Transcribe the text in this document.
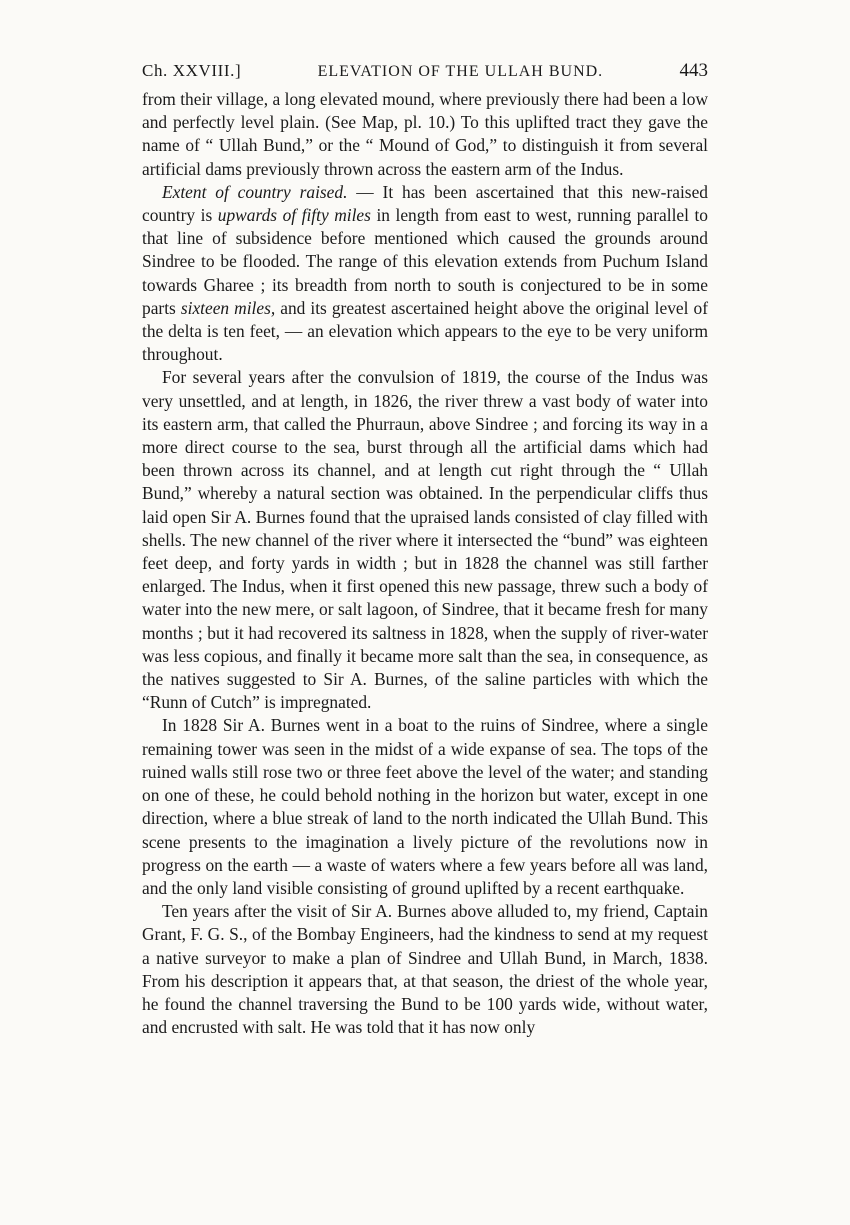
Ch. XXVIII.]	ELEVATION OF THE ULLAH BUND.	443

from their village, a long elevated mound, where previously there had been a low and perfectly level plain. (See Map, pl. 10.) To this uplifted tract they gave the name of “ Ullah Bund,” or the “ Mound of God,” to distinguish it from several artificial dams previously thrown across the eastern arm of the Indus.

Extent of country raised. — It has been ascertained that this new-raised country is upwards of fifty miles in length from east to west, running parallel to that line of subsidence before mentioned which caused the grounds around Sindree to be flooded. The range of this elevation extends from Puchum Island towards Gharee ; its breadth from north to south is conjectured to be in some parts sixteen miles, and its greatest ascertained height above the original level of the delta is ten feet, — an elevation which appears to the eye to be very uniform throughout.

For several years after the convulsion of 1819, the course of the Indus was very unsettled, and at length, in 1826, the river threw a vast body of water into its eastern arm, that called the Phurraun, above Sindree ; and forcing its way in a more direct course to the sea, burst through all the artificial dams which had been thrown across its channel, and at length cut right through the “ Ullah Bund,” whereby a natural section was obtained. In the perpendicular cliffs thus laid open Sir A. Burnes found that the upraised lands consisted of clay filled with shells. The new channel of the river where it intersected the “bund” was eighteen feet deep, and forty yards in width ; but in 1828 the channel was still farther enlarged. The Indus, when it first opened this new passage, threw such a body of water into the new mere, or salt lagoon, of Sindree, that it became fresh for many months ; but it had recovered its saltness in 1828, when the supply of river-water was less copious, and finally it became more salt than the sea, in consequence, as the natives suggested to Sir A. Burnes, of the saline particles with which the “Runn of Cutch” is impregnated.

In 1828 Sir A. Burnes went in a boat to the ruins of Sindree, where a single remaining tower was seen in the midst of a wide expanse of sea. The tops of the ruined walls still rose two or three feet above the level of the water; and standing on one of these, he could behold nothing in the horizon but water, except in one direction, where a blue streak of land to the north indicated the Ullah Bund. This scene presents to the imagination a lively picture of the revolutions now in progress on the earth — a waste of waters where a few years before all was land, and the only land visible consisting of ground uplifted by a recent earthquake.

Ten years after the visit of Sir A. Burnes above alluded to, my friend, Captain Grant, F. G. S., of the Bombay Engineers, had the kindness to send at my request a native surveyor to make a plan of Sindree and Ullah Bund, in March, 1838. From his description it appears that, at that season, the driest of the whole year, he found the channel traversing the Bund to be 100 yards wide, without water, and encrusted with salt. He was told that it has now only
